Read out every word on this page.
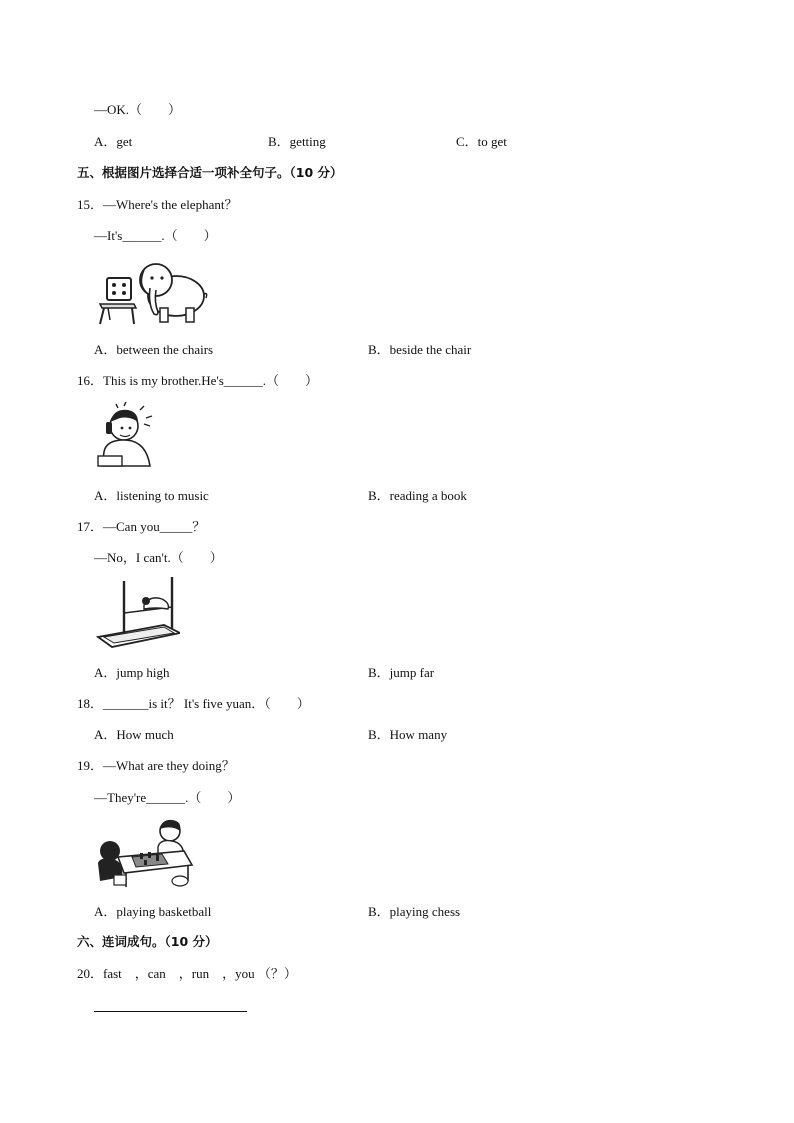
—OK.（　　）
A．get	B．getting	C．to get
五、根据图片选择合适一项补全句子。（10 分）
15．—Where's the elephant？
—It's______.（　　）
A．between the chairs	B．beside the chair
16．This is my brother.He's______.（　　）
A．listening to music	B．reading a book
17．—Can you_____？
—No，I can't.（　　）
A．jump high	B．jump far
18．_______is it？ It's five yuan．（　　）
A．How much	B．How many
19．—What are they doing？
—They're______.（　　）
A．playing basketball	B．playing chess
六、连词成句。（10 分）
20．fast　，can　，run　，you （？）
